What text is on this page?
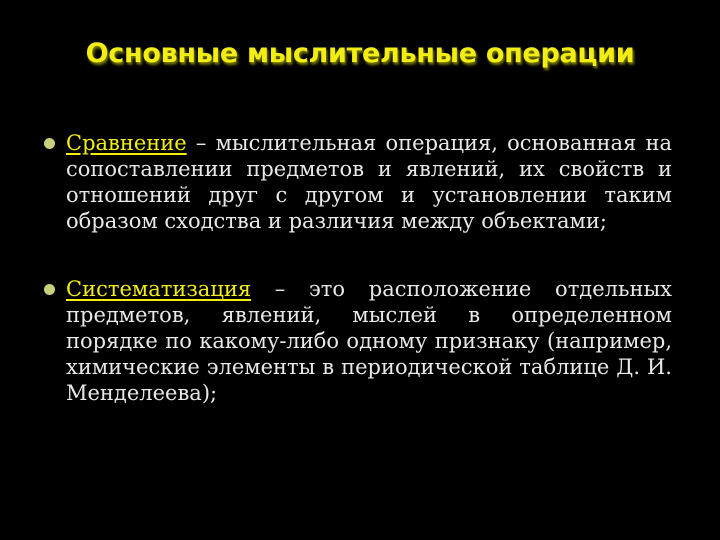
Основные мыслительные операции
Сравнение – мыслительная операция, основанная на сопоставлении предметов и явлений, их свойств и отношений друг с другом и установлении таким образом сходства и различия между объектами;
Систематизация – это расположение отдельных предметов, явлений, мыслей в определенном порядке по какому-либо одному признаку (например, химические элементы в периодической таблице Д. И. Менделеева);
